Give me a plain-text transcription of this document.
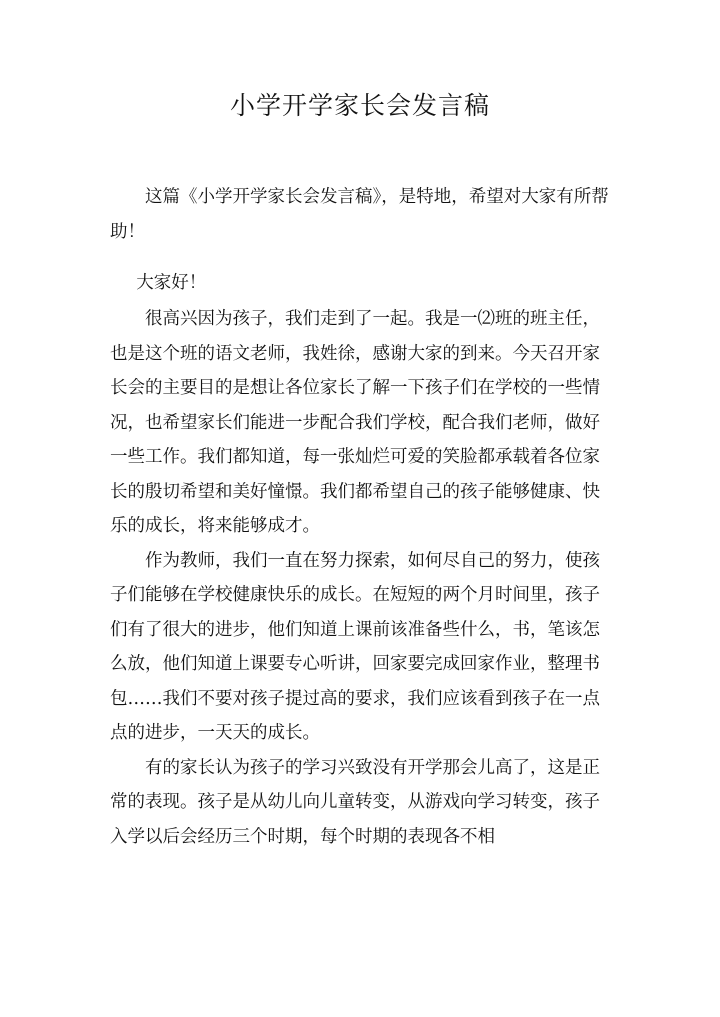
小学开学家长会发言稿

这篇《小学开学家长会发言稿》，是特地，希望对大家有所帮助！

大家好！

很高兴因为孩子，我们走到了一起。我是一⑵班的班主任，也是这个班的语文老师，我姓徐，感谢大家的到来。今天召开家长会的主要目的是想让各位家长了解一下孩子们在学校的一些情况，也希望家长们能进一步配合我们学校，配合我们老师，做好一些工作。我们都知道，每一张灿烂可爱的笑脸都承载着各位家长的殷切希望和美好憧憬。我们都希望自己的孩子能够健康、快乐的成长，将来能够成才。

作为教师，我们一直在努力探索，如何尽自己的努力，使孩子们能够在学校健康快乐的成长。在短短的两个月时间里，孩子们有了很大的进步，他们知道上课前该准备些什么，书，笔该怎么放，他们知道上课要专心听讲，回家要完成回家作业，整理书包……我们不要对孩子提过高的要求，我们应该看到孩子在一点点的进步，一天天的成长。

有的家长认为孩子的学习兴致没有开学那会儿高了，这是正常的表现。孩子是从幼儿向儿童转变，从游戏向学习转变，孩子入学以后会经历三个时期，每个时期的表现各不相
